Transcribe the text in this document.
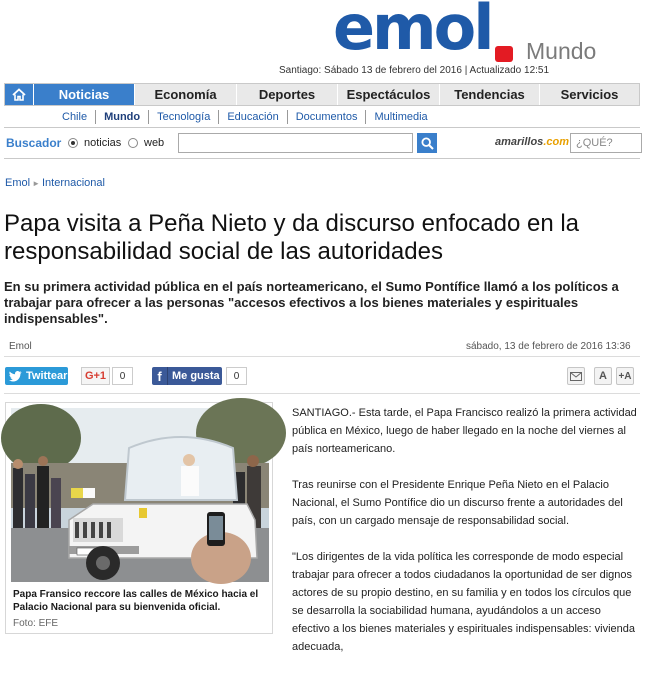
emol Mundo
Santiago: Sábado 13 de febrero del 2016 | Actualizado 12:51
Noticias	Economía	Deportes	Espectáculos	Tendencias	Servicios
Chile	Mundo	Tecnología	Educación	Documentos	Multimedia
Buscador noticias web	amarillos.com ¿QUÉ?
Emol ► Internacional
Papa visita a Peña Nieto y da discurso enfocado en la responsabilidad social de las autoridades
En su primera actividad pública en el país norteamericano, el Sumo Pontífice llamó a los políticos a trabajar para ofrecer a las personas "accesos efectivos a los bienes materiales y espirituales indispensables".
Emol	sábado, 13 de febrero de 2016 13:36
Twittear	G+1	0	f Me gusta	0	A +A
Papa Fransico reccore las calles de México hacia el Palacio Nacional para su bienvenida oficial.
Foto: EFE

SANTIAGO.- Esta tarde, el Papa Francisco realizó la primera actividad pública en México, luego de haber llegado en la noche del viernes al país norteamericano.

Tras reunirse con el Presidente Enrique Peña Nieto en el Palacio Nacional, el Sumo Pontífice dio un discurso frente a autoridades del país, con un cargado mensaje de responsabilidad social.

"Los dirigentes de la vida política les corresponde de modo especial trabajar para ofrecer a todos ciudadanos la oportunidad de ser dignos actores de su propio destino, en su familia y en todos los círculos que se desarrolla la sociabilidad humana, ayudándolos a un acceso efectivo a los bienes materiales y espirituales indispensables: vivienda adecuada,
